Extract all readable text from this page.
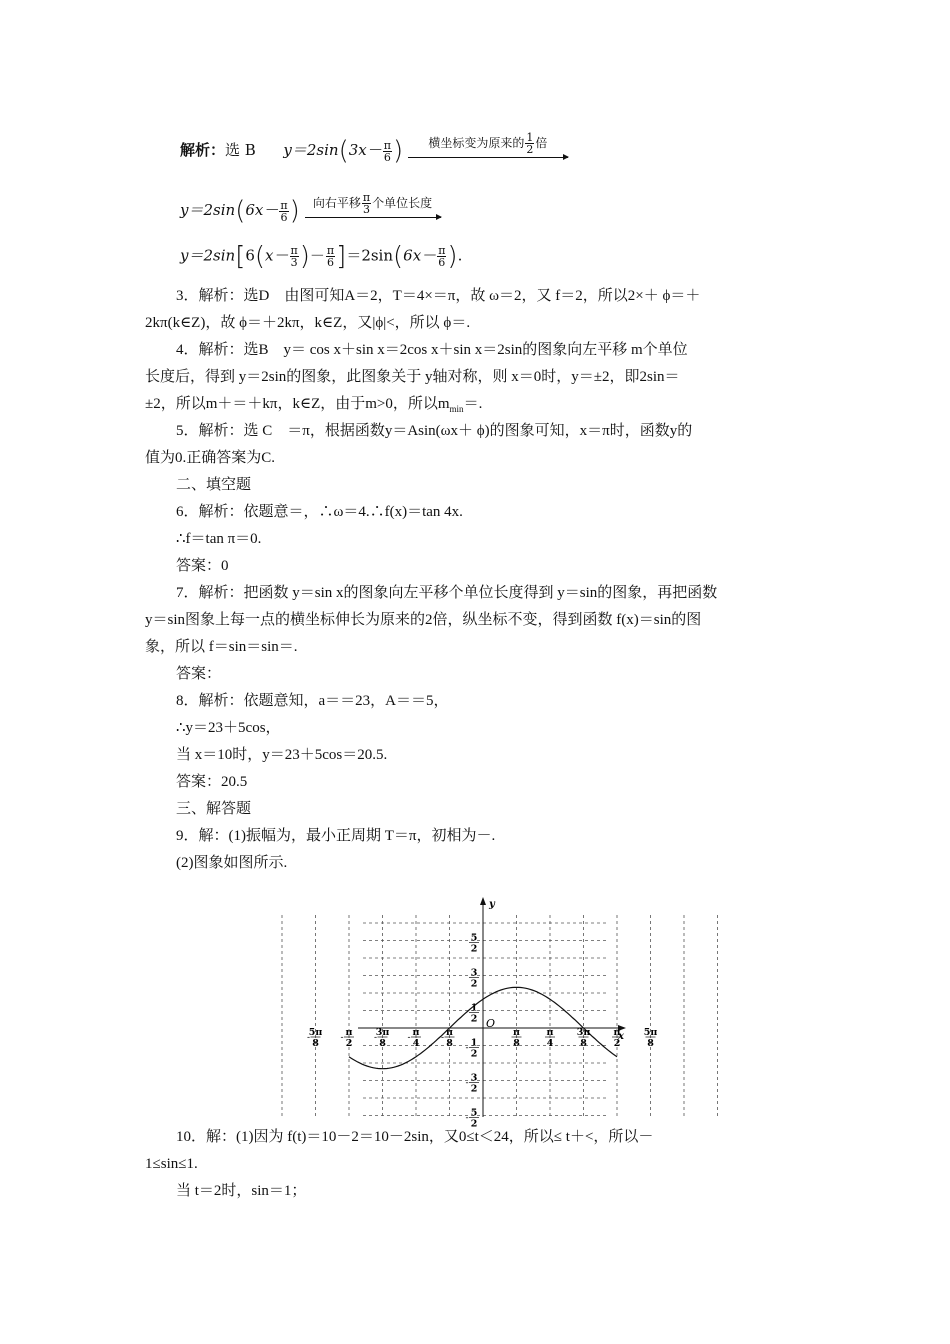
解析：选 B $y=2\sin(3x- \frac{\pi}{6}$ )	横坐标变为原来的 $\frac{1}{2}$ 倍
$y=2\sin(6x- \frac{\pi}{6}$ )	向右平移 $\frac{\pi}{3}$ 个单位长度
$y=2\sin[6(x- \frac{\pi}{3}$ )－ $\frac{\pi}{6} ]=2\sin(6x- \frac{\pi}{6}$ ).
3．解析：选D　由图可知A＝2，T＝4×＝π，故 ω＝2，又 f＝2，所以2×＋ ϕ＝＋
2kπ(k∈Z)，故 ϕ＝＋2kπ，k∈Z，又|ϕ|<，所以 ϕ＝.
4．解析：选B　y＝ cos x＋sin x＝2cos x＋sin x＝2sin的图象向左平移 m个单位
长度后，得到 y＝2sin的图象，此图象关于 y轴对称，则 x＝0时，y＝±2，即2sin＝
±2，所以m＋＝＋kπ，k∈Z，由于m>0，所以$m_{min}=$.
5．解析：选 C　＝π，根据函数y＝Asin(ωx＋ ϕ)的图象可知，x＝π时，函数y的
值为0.正确答案为C.
二、填空题
6．解析：依题意＝，∴ω＝4.∴f(x)＝tan 4x.
∴f＝tan π＝0.
答案：0
7．解析：把函数 y＝sin x的图象向左平移个单位长度得到 y＝sin的图象，再把函数
y＝sin图象上每一点的横坐标伸长为原来的2倍，纵坐标不变，得到函数 f(x)＝sin的图
象，所以 f＝sin＝sin＝.
答案：
8．解析：依题意知，a＝＝23，A＝＝5，
∴y＝23＋5cos，
当 x＝10时，y＝23＋5cos＝20.5.
答案：20.5
三、解答题
9．解：(1)振幅为，最小正周期 T＝π，初相为－.
(2)图象如图所示.
y
x
O
-
5π
8 - π
2 -
3π
8 - π
4 - π
8
π
8
π
4
3π
8
π
2
5π
8
5
2
3
2
1
2
- 1
2
- 3
2
- 5
2
10．解：(1)因为 f(t)＝10－2＝10－2sin，又0≤t＜24，所以≤ t＋<，所以－
1≤sin≤1.
当 t＝2时，sin＝1；
